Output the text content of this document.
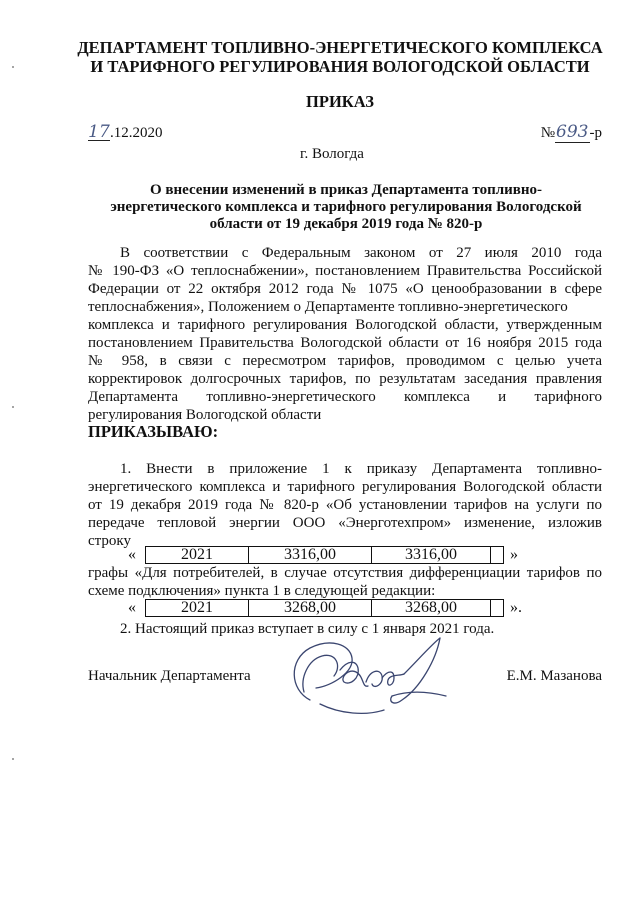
ДЕПАРТАМЕНТ ТОПЛИВНО-ЭНЕРГЕТИЧЕСКОГО КОМПЛЕКСА
И ТАРИФНОГО РЕГУЛИРОВАНИЯ ВОЛОГОДСКОЙ ОБЛАСТИ
ПРИКАЗ
17.12.2020	№693-р
г. Вологда
О внесении изменений в приказ Департамента топливно-
энергетического комплекса и тарифного регулирования Вологодской
области от 19 декабря 2019 года № 820-р
В соответствии с Федеральным законом от 27 июля 2010 года
№ 190-ФЗ «О теплоснабжении», постановлением Правительства Российской
Федерации от 22 октября 2012 года № 1075 «О ценообразовании в сфере
теплоснабжения», Положением о Департаменте топливно-энергетического
комплекса и тарифного регулирования Вологодской области, утвержденным
постановлением Правительства Вологодской области от 16 ноября 2015 года
№ 958, в связи с пересмотром тарифов, проводимом с целью учета
корректировок долгосрочных тарифов, по результатам заседания правления
Департамента топливно-энергетического комплекса и тарифного
регулирования Вологодской области
ПРИКАЗЫВАЮ:
1. Внести в приложение 1 к приказу Департамента топливно-
энергетического комплекса и тарифного регулирования Вологодской области
от 19 декабря 2019 года № 820-р «Об установлении тарифов на услуги по
передаче тепловой энергии ООО «Энерготехпром» изменение, изложив
строку
«	2021	3316,00	3316,00	»
графы «Для потребителей, в случае отсутствия дифференциации тарифов по
схеме подключения» пункта 1 в следующей редакции:
«	2021	3268,00	3268,00	».
2. Настоящий приказ вступает в силу с 1 января 2021 года.
Начальник Департамента	Е.М. Мазанова
